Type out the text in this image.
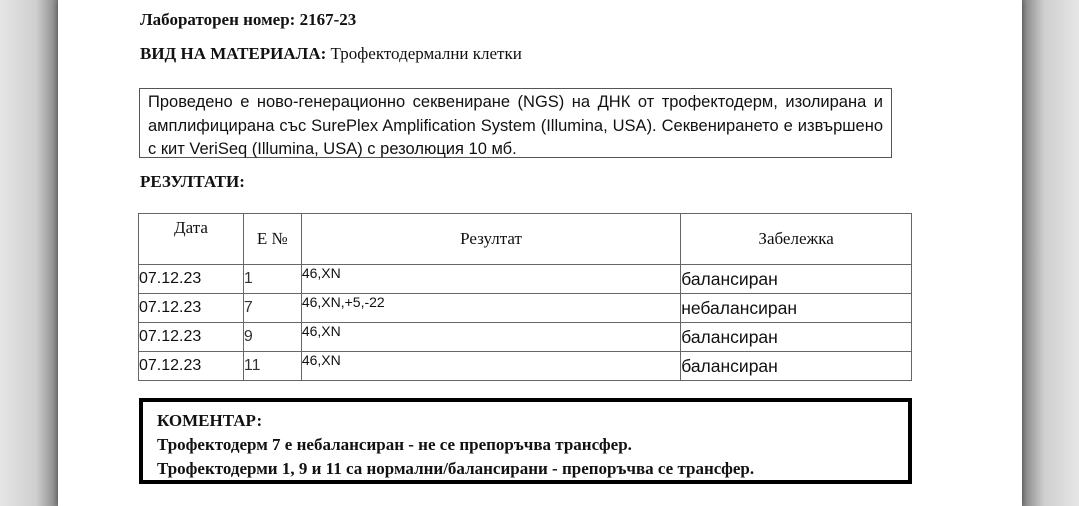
Лабораторен номер: 2167-23
ВИД НА МАТЕРИАЛА: Трофектодермални клетки
Проведено е ново-генерационно секвениране (NGS) на ДНК от трофектодерм, изолирана и амплифицирана със SurePlex Amplification System (Illumina, USA). Секвенирането е извършено с кит VeriSeq (Illumina, USA) с резолюция 10 мб.
РЕЗУЛТАТИ:
Дата	Е №	Резултат	Забележка
07.12.23	1	46,XN	балансиран
07.12.23	7	46,XN,+5,-22	небалансиран
07.12.23	9	46,XN	балансиран
07.12.23	11	46,XN	балансиран
КОМЕНТАР:
Трофектодерм 7 е небалансиран - не се препоръчва трансфер.
Трофектодерми 1, 9 и 11 са нормални/балансирани - препоръчва се трансфер.
